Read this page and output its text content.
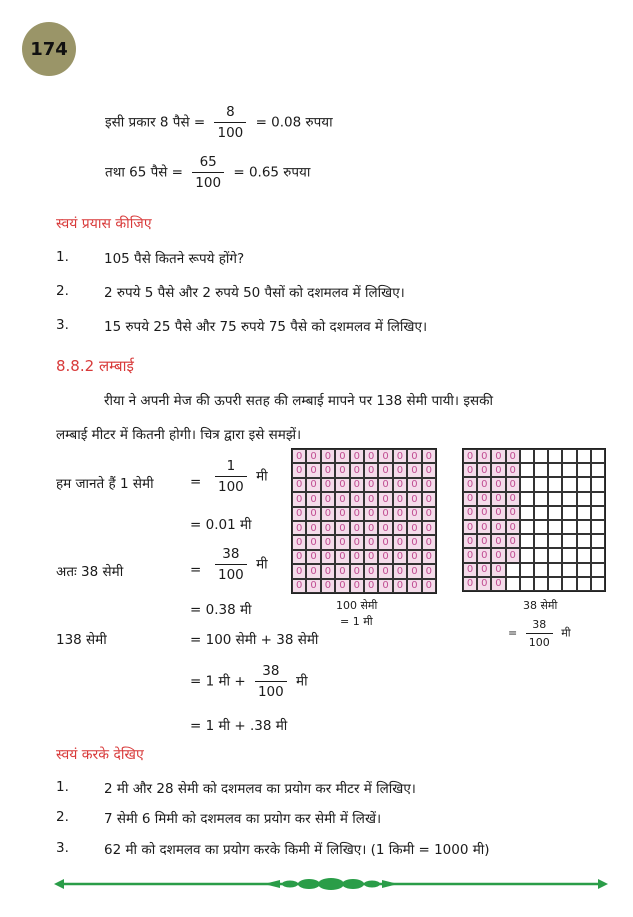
174
इसी प्रकार 8 पैसे = $\frac{8}{100} = 0.08$ रुपया
तथा 65 पैसे = $\frac{65}{100} = 0.65$ रुपया
स्वयं प्रयास कीजिए
1.	105 पैसे कितने रूपये होंगे?
2.	2 रुपये 5 पैसे और 2 रुपये 50 पैसों को दशमलव में लिखिए।
3.	15 रुपये 25 पैसे और 75 रुपये 75 पैसे को दशमलव में लिखिए।
8.8.2 लम्बाई
रीया ने अपनी मेज की ऊपरी सतह की लम्बाई मापने पर 138 सेमी पायी। इसकी
लम्बाई मीटर में कितनी होगी। चित्र द्वारा इसे समझें।
हम जानते हैं 1 सेमी	= $\frac{1}{100}$ मी
= 0.01 मी
अतः 38 सेमी	= $\frac{38}{100}$ मी
= 0.38 मी
138 सेमी	= 100 सेमी + 38 सेमी
= 1 मी + $\frac{38}{100}$ मी
= 1 मी + .38 मी
0 0 0 0 0 0 0 0 0 0
0 0 0 0 0 0 0 0 0 0
0 0 0 0 0 0 0 0 0 0
0 0 0 0 0 0 0 0 0 0
0 0 0 0 0 0 0 0 0 0
0 0 0 0 0 0 0 0 0 0
0 0 0 0 0 0 0 0 0 0
0 0 0 0 0 0 0 0 0 0
0 0 0 0 0 0 0 0 0 0
0 0 0 0 0 0 0 0 0 0
100 सेमी
= 1 मी
0 0 0 0
0 0 0 0
0 0 0 0
0 0 0 0
0 0 0 0
0 0 0 0
0 0 0 0
0 0 0 0
0 0 0
0 0 0
38 सेमी
= $\frac{38}{100}$ मी
स्वयं करके देखिए
1.	2 मी और 28 सेमी को दशमलव का प्रयोग कर मीटर में लिखिए।
2.	7 सेमी 6 मिमी को दशमलव का प्रयोग कर सेमी में लिखें।
3.	62 मी को दशमलव का प्रयोग करके किमी में लिखिए। (1 किमी = 1000 मी)
